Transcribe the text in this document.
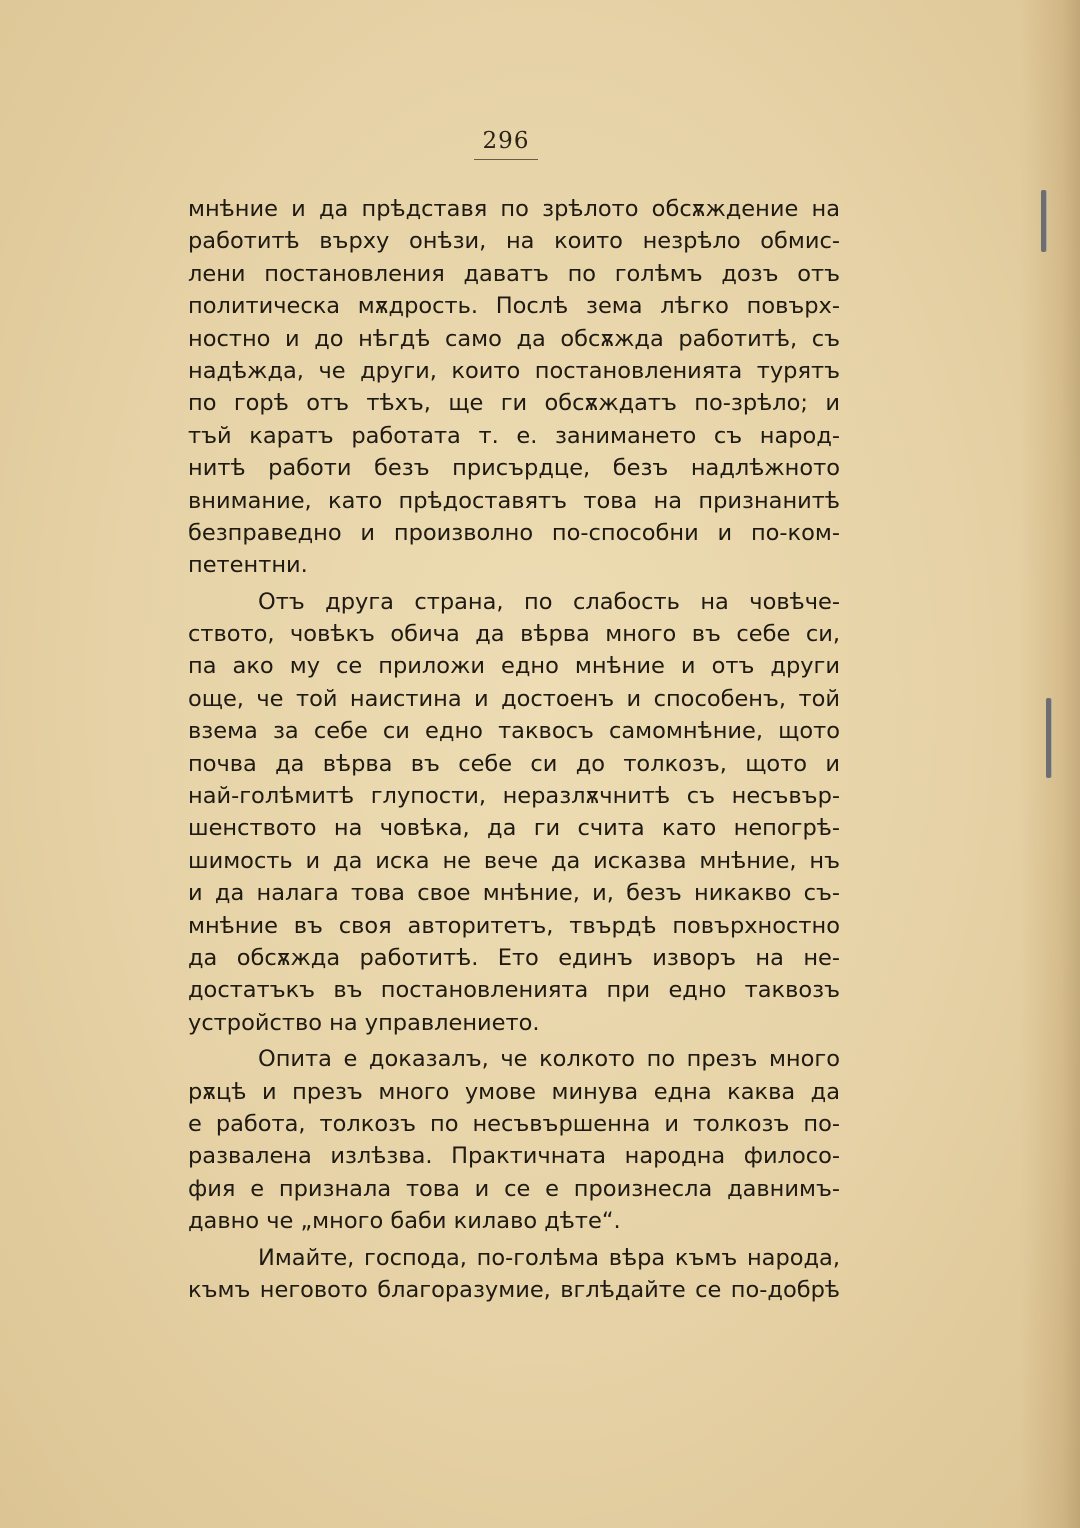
296
мнѣние и да прѣдставя по зрѣлото обсѫждение на
работитѣ върху онѣзи, на които незрѣло обмис-
лени постановления даватъ по голѣмъ дозъ отъ
политическа мѫдрость. Послѣ зема лѣгко повърх-
ностно и до нѣгдѣ само да обсѫжда работитѣ, съ
надѣжда, че други, които постановленията турятъ
по горѣ отъ тѣхъ, ще ги обсѫждатъ по-зрѣло; и
тъй каратъ работата т. е. занимането съ народ-
нитѣ работи безъ присърдце, безъ надлѣжното
внимание, като прѣдоставятъ това на признанитѣ
безправедно и произволно по-способни и по-ком-
петентни.
Отъ друга страна, по слабость на човѣче-
ството, човѣкъ обича да вѣрва много въ себе си,
па ако му се приложи едно мнѣние и отъ други
още, че той наистина и достоенъ и способенъ, той
взема за себе си едно таквосъ самомнѣние, щото
почва да вѣрва въ себе си до толкозъ, щото и
най-голѣмитѣ глупости, неразлѫчнитѣ съ несъвър-
шенството на човѣка, да ги счита като непогрѣ-
шимость и да иска не вече да исказва мнѣние, нъ
и да налага това свое мнѣние, и, безъ никакво съ-
мнѣние въ своя авторитетъ, твърдѣ повърхностно
да обсѫжда работитѣ. Ето единъ изворъ на не-
достатъкъ въ постановленията при едно таквозъ
устройство на управлението.
Опита е доказалъ, че колкото по презъ много
рѫцѣ и презъ много умове минува една каква да
е работа, толкозъ по несъвършенна и толкозъ по-
развалена излѣзва. Практичната народна филосо-
фия е признала това и се е произнесла давнимъ-
давно че „много баби килаво дѣте“.
Имайте, господа, по-голѣма вѣра къмъ народа,
къмъ неговото благоразумие, вглѣдайте се по-добрѣ
